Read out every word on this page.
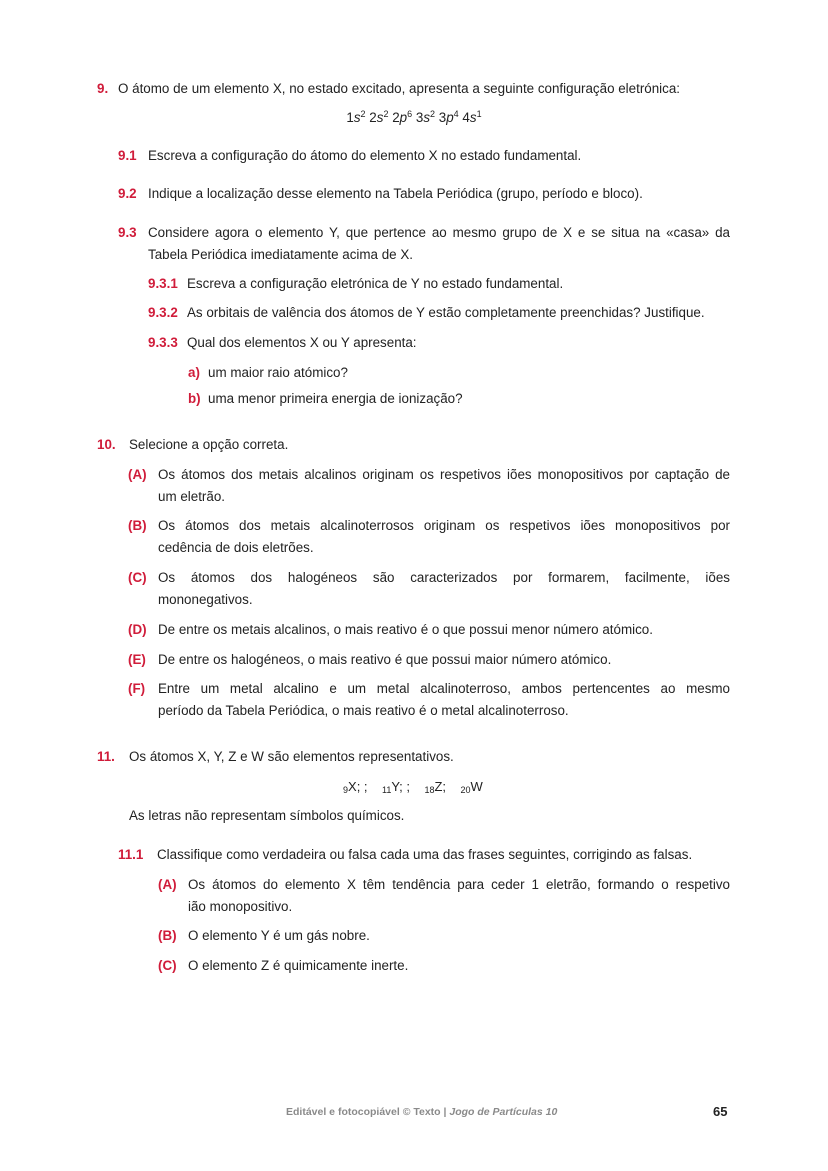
9. O átomo de um elemento X, no estado excitado, apresenta a seguinte configuração eletrónica:
$1s^2$ $2s^2$ $2p^6$ $3s^2$ $3p^4$ $4s^1$
9.1 Escreva a configuração do átomo do elemento X no estado fundamental.
9.2 Indique a localização desse elemento na Tabela Periódica (grupo, período e bloco).
9.3 Considere agora o elemento Y, que pertence ao mesmo grupo de X e se situa na «casa» da
Tabela Periódica imediatamente acima de X.
9.3.1 Escreva a configuração eletrónica de Y no estado fundamental.
9.3.2 As orbitais de valência dos átomos de Y estão completamente preenchidas? Justifique.
9.3.3 Qual dos elementos X ou Y apresenta:
a) um maior raio atómico?
b) uma menor primeira energia de ionização?
10. Selecione a opção correta.
(A) Os átomos dos metais alcalinos originam os respetivos iões monopositivos por captação de
um eletrão.
(B) Os átomos dos metais alcalinoterrosos originam os respetivos iões monopositivos por
cedência de dois eletrões.
(C) Os átomos dos halogéneos são caracterizados por formarem, facilmente, iões
mononegativos.
(D) De entre os metais alcalinos, o mais reativo é o que possui menor número atómico.
(E) De entre os halogéneos, o mais reativo é que possui maior número atómico.
(F) Entre um metal alcalino e um metal alcalinoterroso, ambos pertencentes ao mesmo
período da Tabela Periódica, o mais reativo é o metal alcalinoterroso.
11. Os átomos X, Y, Z e W são elementos representativos.
$_9$X; ; $_{11}$Y; ; $_{18}$Z; $_{20}$W
As letras não representam símbolos químicos.
11.1 Classifique como verdadeira ou falsa cada uma das frases seguintes, corrigindo as falsas.
(A) Os átomos do elemento X têm tendência para ceder 1 eletrão, formando o respetivo
ião monopositivo.
(B) O elemento Y é um gás nobre.
(C) O elemento Z é quimicamente inerte.
Editável e fotocopiável © Texto | Jogo de Partículas 10	65
